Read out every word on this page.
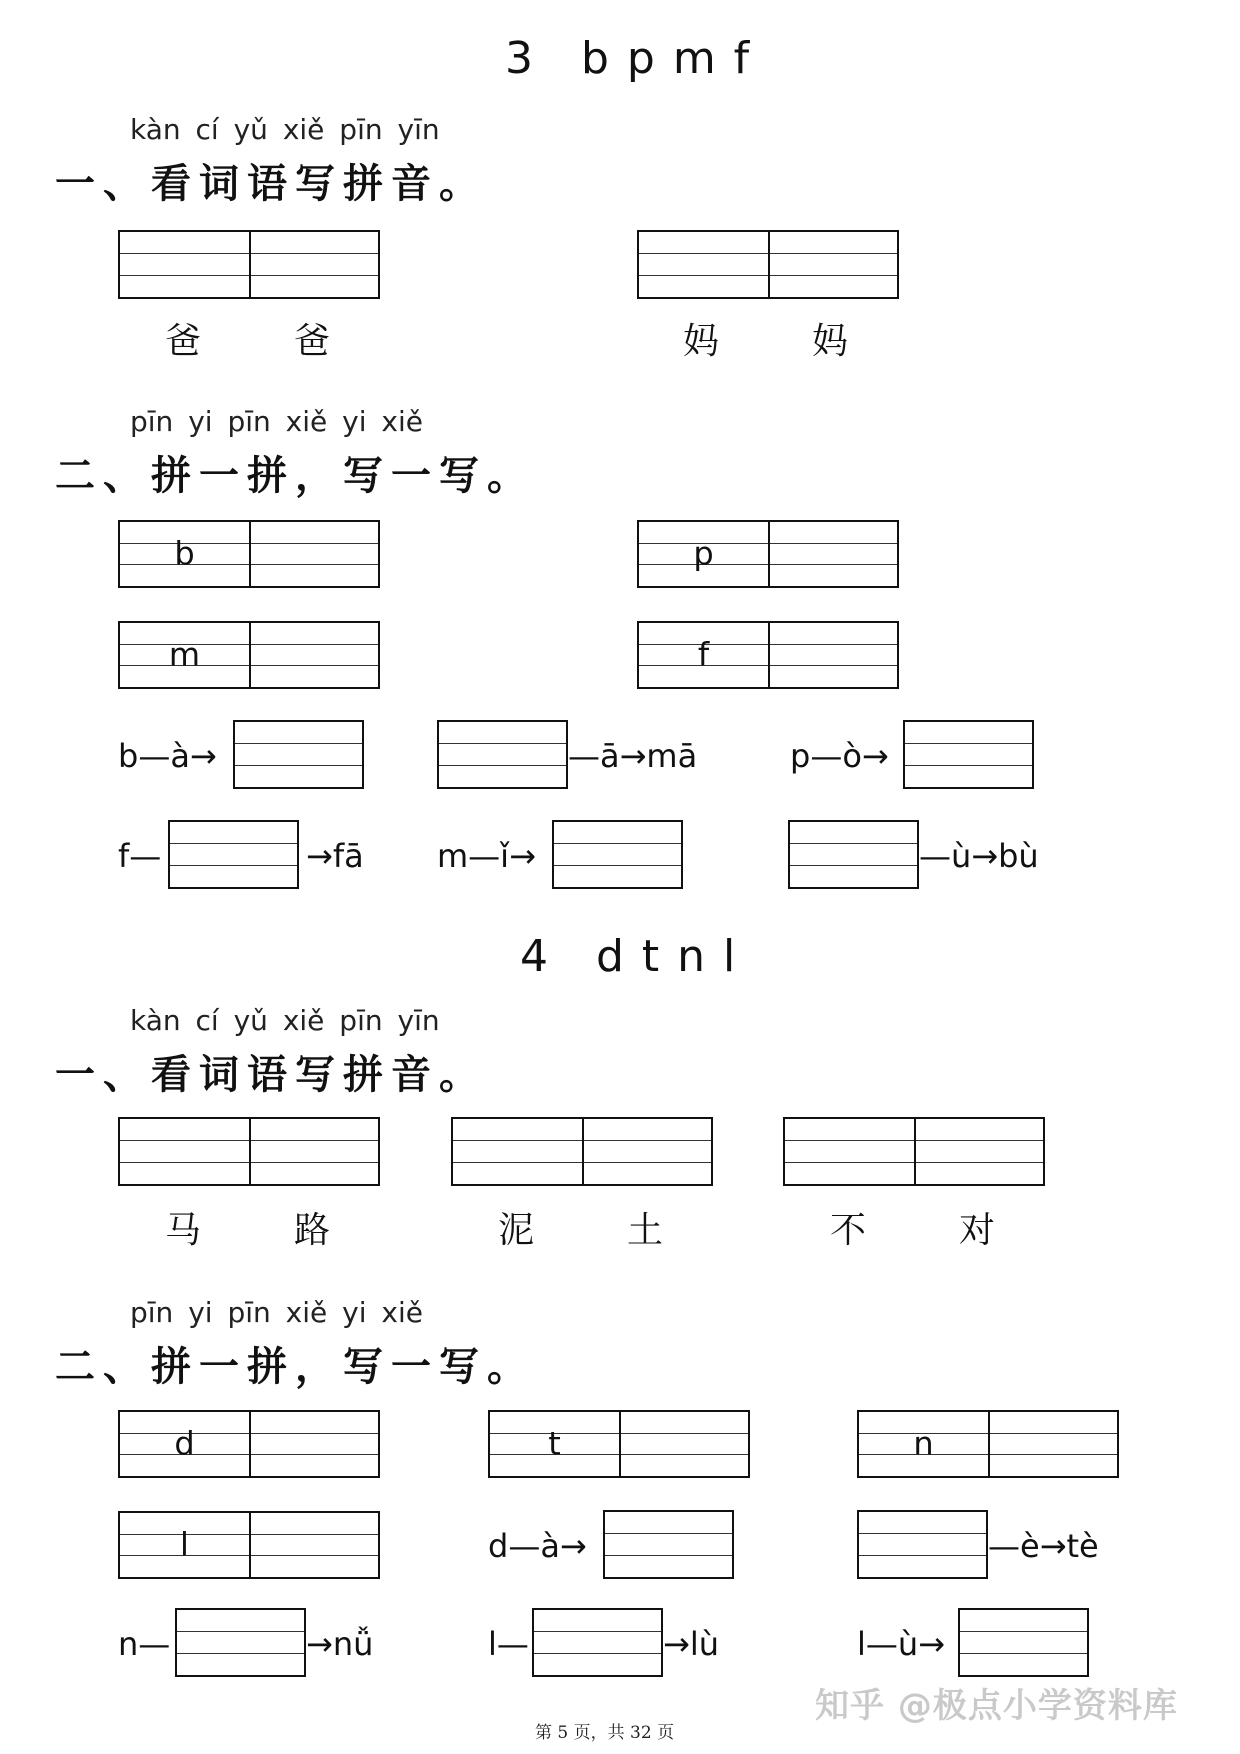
3　b p m f
kàn cí yǔ xiě pīn yīn
一、看词语写拼音。
爸	爸	妈	妈
pīn yi pīn xiě yi xiě
二、拼一拼，写一写。
b	p
m	f
b—à→	—ā→mā	p—ò→
f—	→fā m—ǐ→	—ù→bù
4　d t n l
kàn cí yǔ xiě pīn yīn
一、看词语写拼音。
马	路	泥	土	不	对
pīn yi pīn xiě yi xiě
二、拼一拼，写一写。
d	t	n
l	d—à→	—è→tè
n—	→nǚ	l—	→lù	l—ù→
第 5 页，共 32 页
知乎 @极点小学资料库
